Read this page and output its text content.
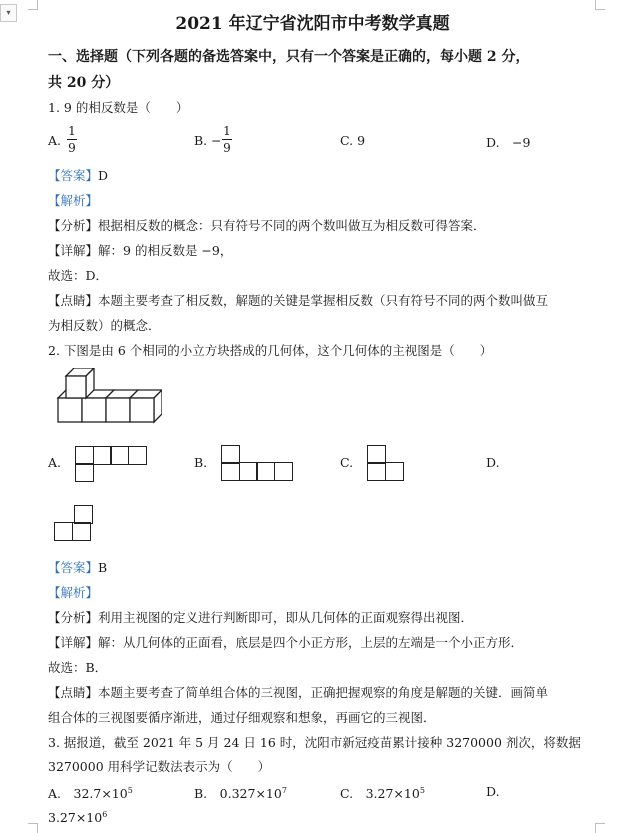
▾
2021 年辽宁省沈阳市中考数学真题
一、选择题（下列各题的备选答案中，只有一个答案是正确的，每小题 2 分，
共 20 分）
1. 9 的相反数是（　　）
A.
1
9	B. −
1
9	C. 9	D.　−9
【答案】D
【解析】
【分析】根据相反数的概念：只有符号不同的两个数叫做互为相反数可得答案．
【详解】解：9 的相反数是 −9，
故选：D．
【点睛】本题主要考查了相反数，解题的关键是掌握相反数（只有符号不同的两个数叫做互
为相反数）的概念．
2. 下图是由 6 个相同的小立方块搭成的几何体，这个几何体的主视图是（　　）
A.	B.	C.	D.
【答案】B
【解析】
【分析】利用主视图的定义进行判断即可，即从几何体的正面观察得出视图．
【详解】解：从几何体的正面看，底层是四个小正方形，上层的左端是一个小正方形．
故选：B．
【点睛】本题主要考查了简单组合体的三视图，正确把握观察的角度是解题的关键．画简单
组合体的三视图要循序渐进，通过仔细观察和想象，再画它的三视图．
3. 据报道，截至 2021 年 5 月 24 日 16 时，沈阳市新冠疫苗累计接种 3270000 剂次，将数据
3270000 用科学记数法表示为（　　）
A.　$32.7\times 10^5$	B.　$0.327\times 10^7$	C.　$3.27\times 10^5$	D.
$3.27\times 10^6$
